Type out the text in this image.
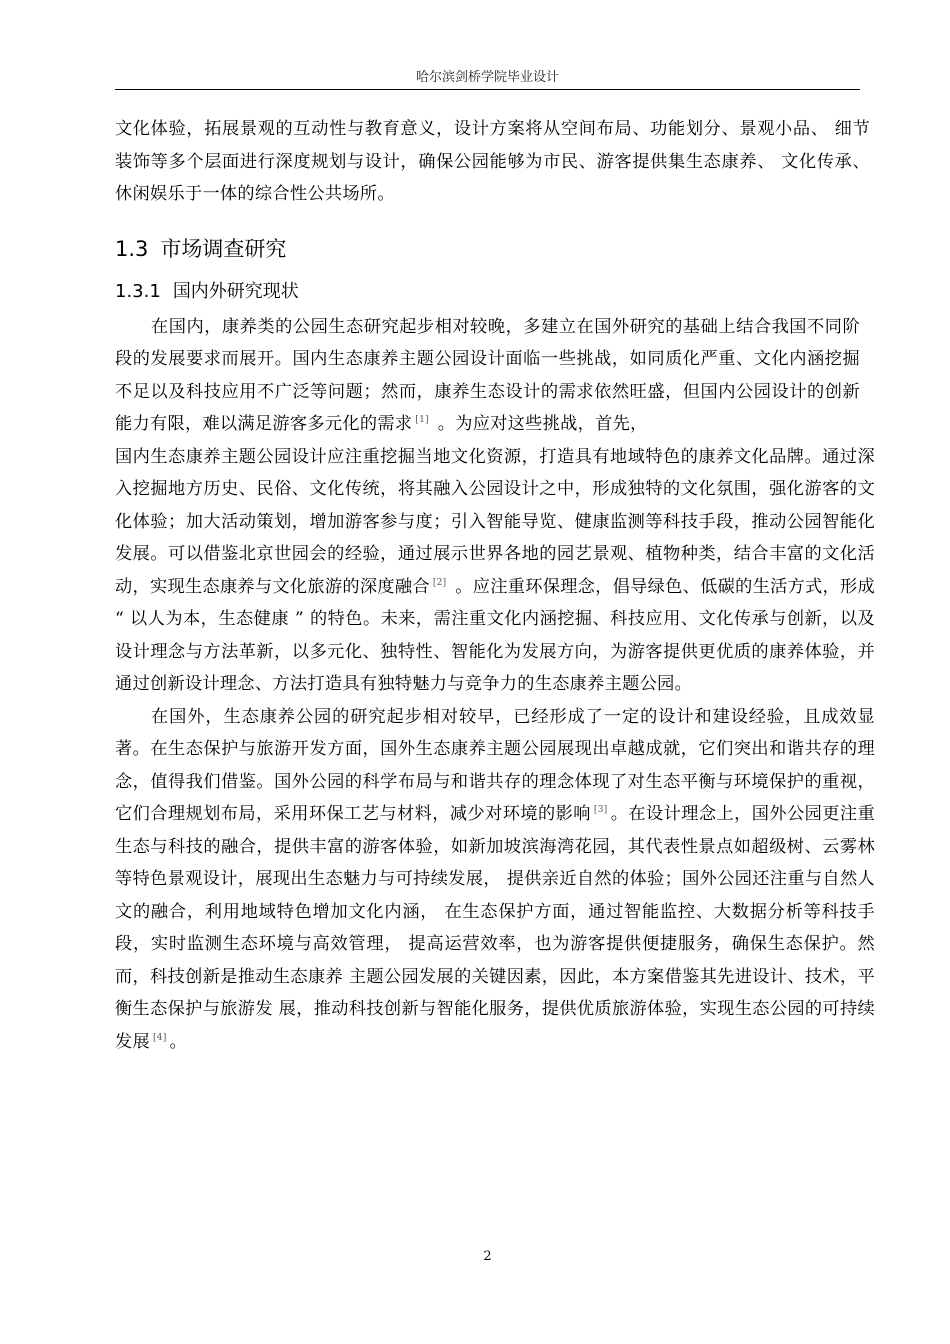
哈尔滨剑桥学院毕业设计

文化体验，拓展景观的互动性与教育意义，设计方案将从空间布局、功能划分、景观小品、 细节装饰等多个层面进行深度规划与设计，确保公园能够为市民、游客提供集生态康养、 文化传承、休闲娱乐于一体的综合性公共场所。

1.3 市场调查研究
1.3.1 国内外研究现状

在国内，康养类的公园生态研究起步相对较晚，多建立在国外研究的基础上结合我国不同阶段的发展要求而展开。国内生态康养主题公园设计面临一些挑战，如同质化严重、文化内涵挖掘不足以及科技应用不广泛等问题；然而，康养生态设计的需求依然旺盛，但国内公园设计的创新能力有限，难以满足游客多元化的需求 [1] 。为应对这些挑战，首先，

国内生态康养主题公园设计应注重挖掘当地文化资源，打造具有地域特色的康养文化品牌。通过深入挖掘地方历史、民俗、文化传统，将其融入公园设计之中，形成独特的文化氛围，强化游客的文化体验；加大活动策划，增加游客参与度；引入智能导览、健康监测等科技手段，推动公园智能化发展。可以借鉴北京世园会的经验，通过展示世界各地的园艺景观、植物种类，结合丰富的文化活动，实现生态康养与文化旅游的深度融合 [2] 。应注重环保理念，倡导绿色、低碳的生活方式，形成 “ 以人为本，生态健康 ” 的特色。未来，需注重文化内涵挖掘、科技应用、文化传承与创新，以及设计理念与方法革新，以多元化、独特性、智能化为发展方向，为游客提供更优质的康养体验，并通过创新设计理念、方法打造具有独特魅力与竞争力的生态康养主题公园。

在国外，生态康养公园的研究起步相对较早，已经形成了一定的设计和建设经验，且成效显著。在生态保护与旅游开发方面，国外生态康养主题公园展现出卓越成就，它们突出和谐共存的理念，值得我们借鉴。国外公园的科学布局与和谐共存的理念体现了对生态平衡与环境保护的重视，它们合理规划布局，采用环保工艺与材料，减少对环境的影响 [3] 。在设计理念上，国外公园更注重生态与科技的融合，提供丰富的游客体验，如新加坡滨海湾花园，其代表性景点如超级树、云雾林等特色景观设计，展现出生态魅力与可持续发展， 提供亲近自然的体验；国外公园还注重与自然人文的融合，利用地域特色增加文化内涵， 在生态保护方面，通过智能监控、大数据分析等科技手段，实时监测生态环境与高效管理， 提高运营效率，也为游客提供便捷服务，确保生态保护。然而，科技创新是推动生态康养 主题公园发展的关键因素，因此，本方案借鉴其先进设计、技术，平衡生态保护与旅游发 展，推动科技创新与智能化服务，提供优质旅游体验，实现生态公园的可持续发展 [4] 。

2
